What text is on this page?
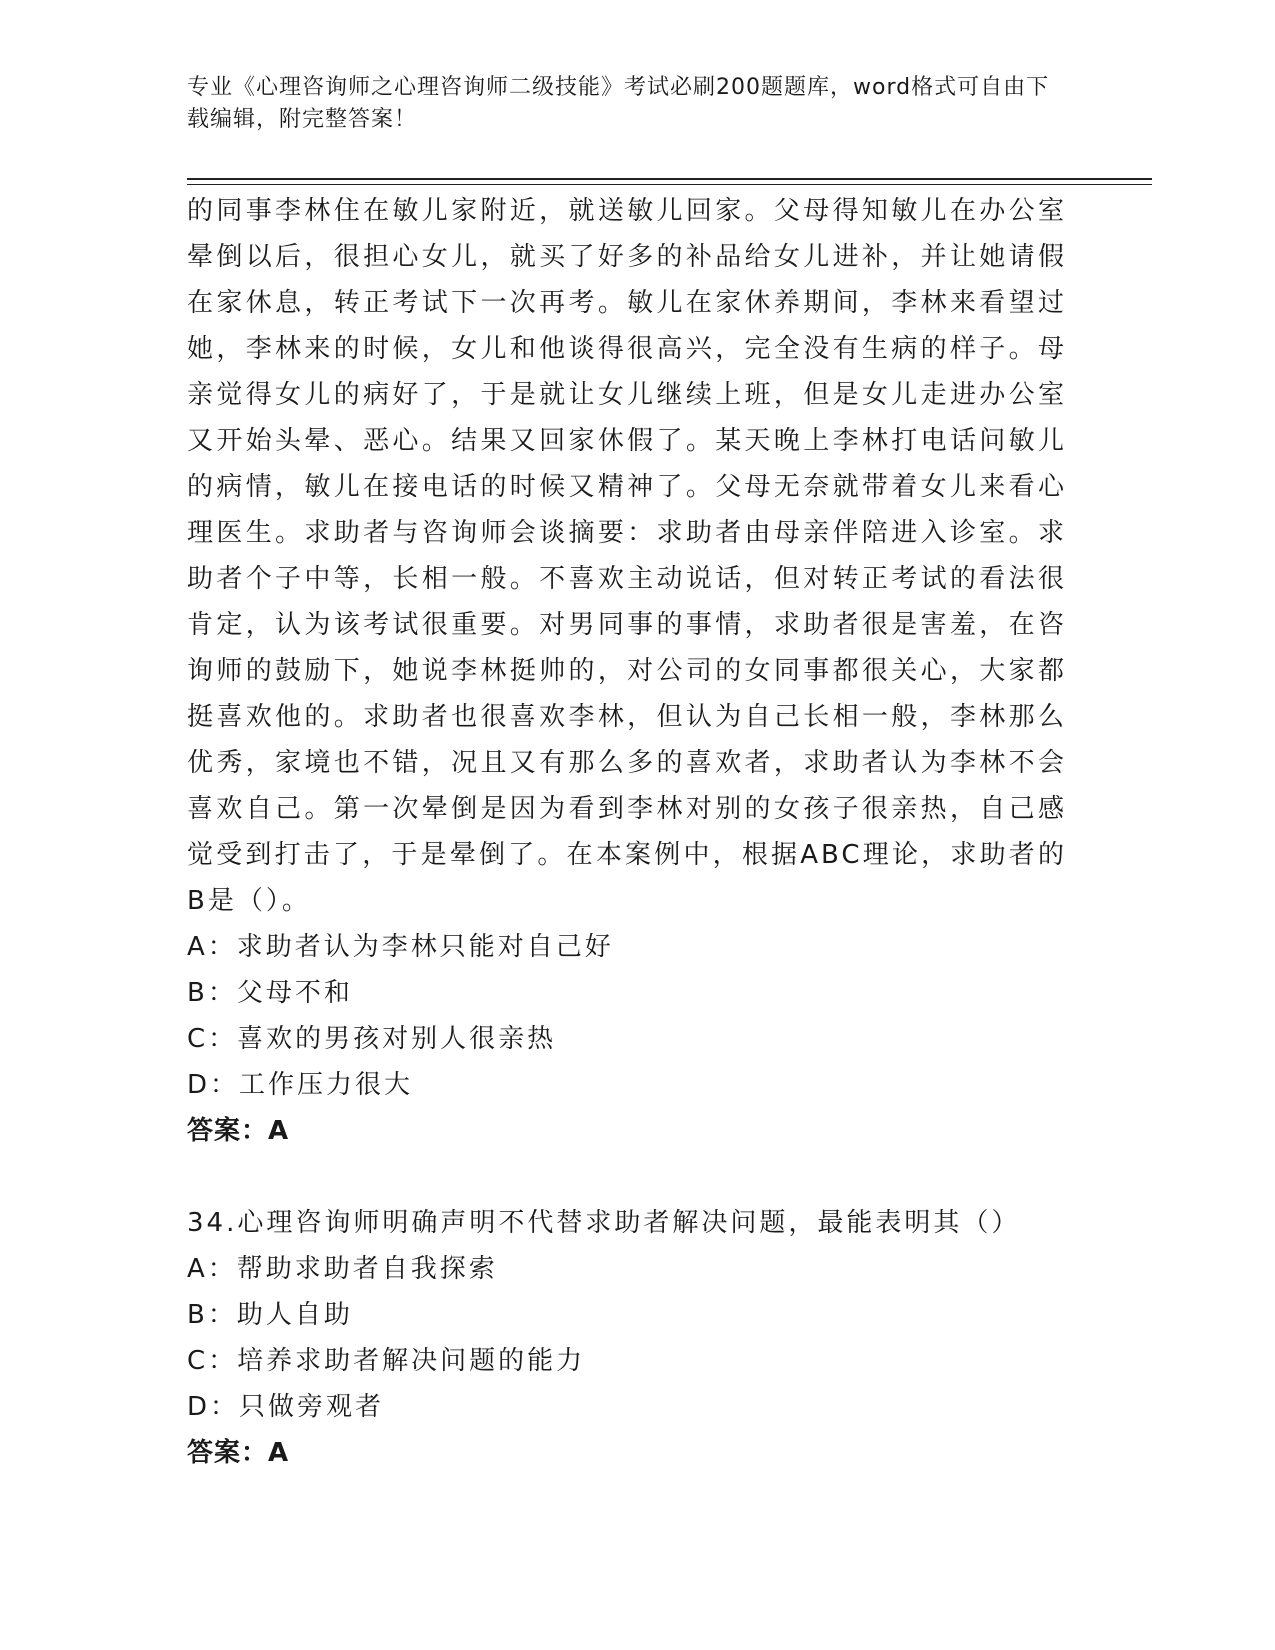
专业《心理咨询师之心理咨询师二级技能》考试必刷200题题库，word格式可自由下载编辑，附完整答案！

的同事李林住在敏儿家附近，就送敏儿回家。父母得知敏儿在办公室晕倒以后，很担心女儿，就买了好多的补品给女儿进补，并让她请假在家休息，转正考试下一次再考。敏儿在家休养期间，李林来看望过她，李林来的时候，女儿和他谈得很高兴，完全没有生病的样子。母亲觉得女儿的病好了，于是就让女儿继续上班，但是女儿走进办公室又开始头晕、恶心。结果又回家休假了。某天晚上李林打电话问敏儿的病情，敏儿在接电话的时候又精神了。父母无奈就带着女儿来看心理医生。求助者与咨询师会谈摘要：求助者由母亲伴陪进入诊室。求助者个子中等，长相一般。不喜欢主动说话，但对转正考试的看法很肯定，认为该考试很重要。对男同事的事情，求助者很是害羞，在咨询师的鼓励下，她说李林挺帅的，对公司的女同事都很关心，大家都挺喜欢他的。求助者也很喜欢李林，但认为自己长相一般，李林那么优秀，家境也不错，况且又有那么多的喜欢者，求助者认为李林不会喜欢自己。第一次晕倒是因为看到李林对别的女孩子很亲热，自己感觉受到打击了，于是晕倒了。在本案例中，根据ABC理论，求助者的B是（）。

A：求助者认为李林只能对自己好

B：父母不和

C：喜欢的男孩对别人很亲热

D：工作压力很大

答案：A

34.心理咨询师明确声明不代替求助者解决问题，最能表明其（）

A：帮助求助者自我探索

B：助人自助

C：培养求助者解决问题的能力

D：只做旁观者

答案：A
